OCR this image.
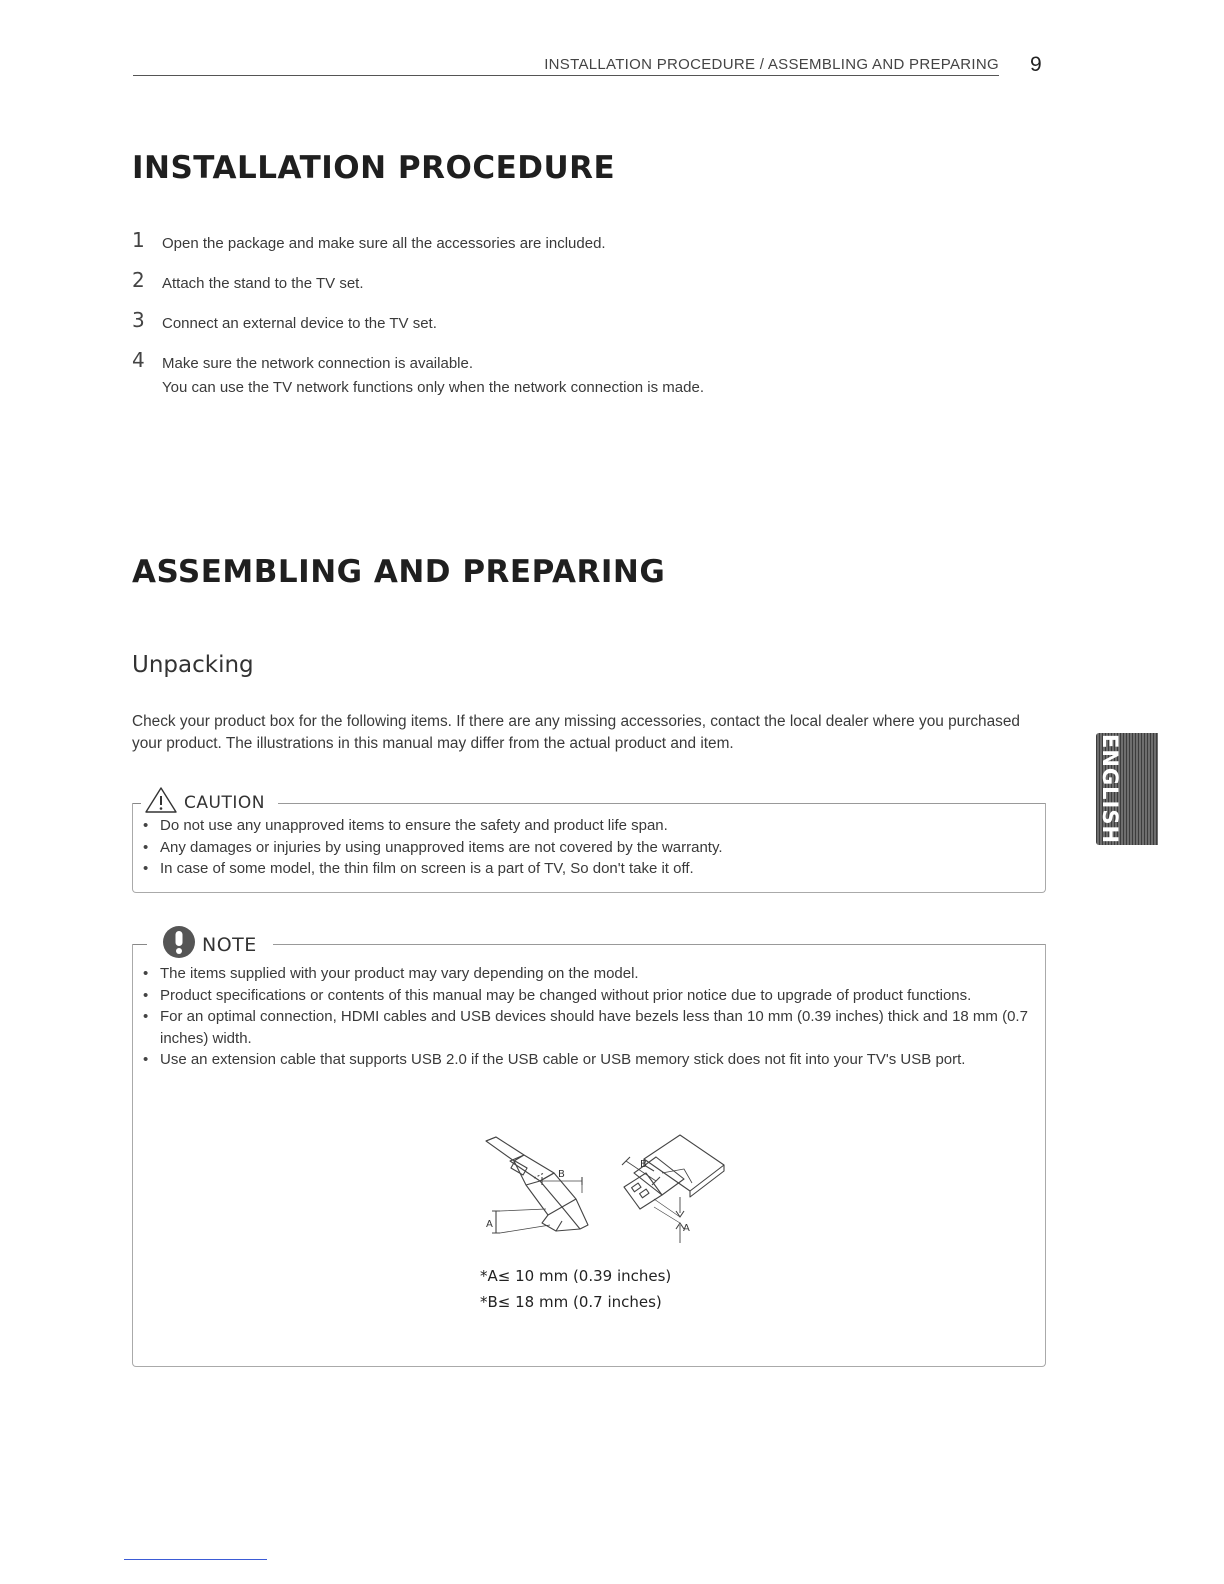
INSTALLATION PROCEDURE / ASSEMBLING AND PREPARING 9
INSTALLATION PROCEDURE
1 Open the package and make sure all the accessories are included.
2 Attach the stand to the TV set.
3 Connect an external device to the TV set.
4 Make sure the network connection is available.
You can use the TV network functions only when the network connection is made.
ASSEMBLING AND PREPARING
Unpacking

Check your product box for the following items. If there are any missing accessories, contact the local dealer where you purchased your product. The illustrations in this manual may differ from the actual product and item.

CAUTION
• Do not use any unapproved items to ensure the safety and product life span.
• Any damages or injuries by using unapproved items are not covered by the warranty.
• In case of some model, the thin film on screen is a part of TV, So don't take it off.
NOTE
• The items supplied with your product may vary depending on the model.
• Product specifications or contents of this manual may be changed without prior notice due to upgrade of product functions.
• For an optimal connection, HDMI cables and USB devices should have bezels less than 10 mm (0.39 inches) thick and 18 mm (0.7 inches) width.
• Use an extension cable that supports USB 2.0 if the USB cable or USB memory stick does not fit into your TV's USB port.
A
B
B
A
*A≤ 10 mm (0.39 inches)
*B≤ 18 mm (0.7 inches)
ENGLISH
